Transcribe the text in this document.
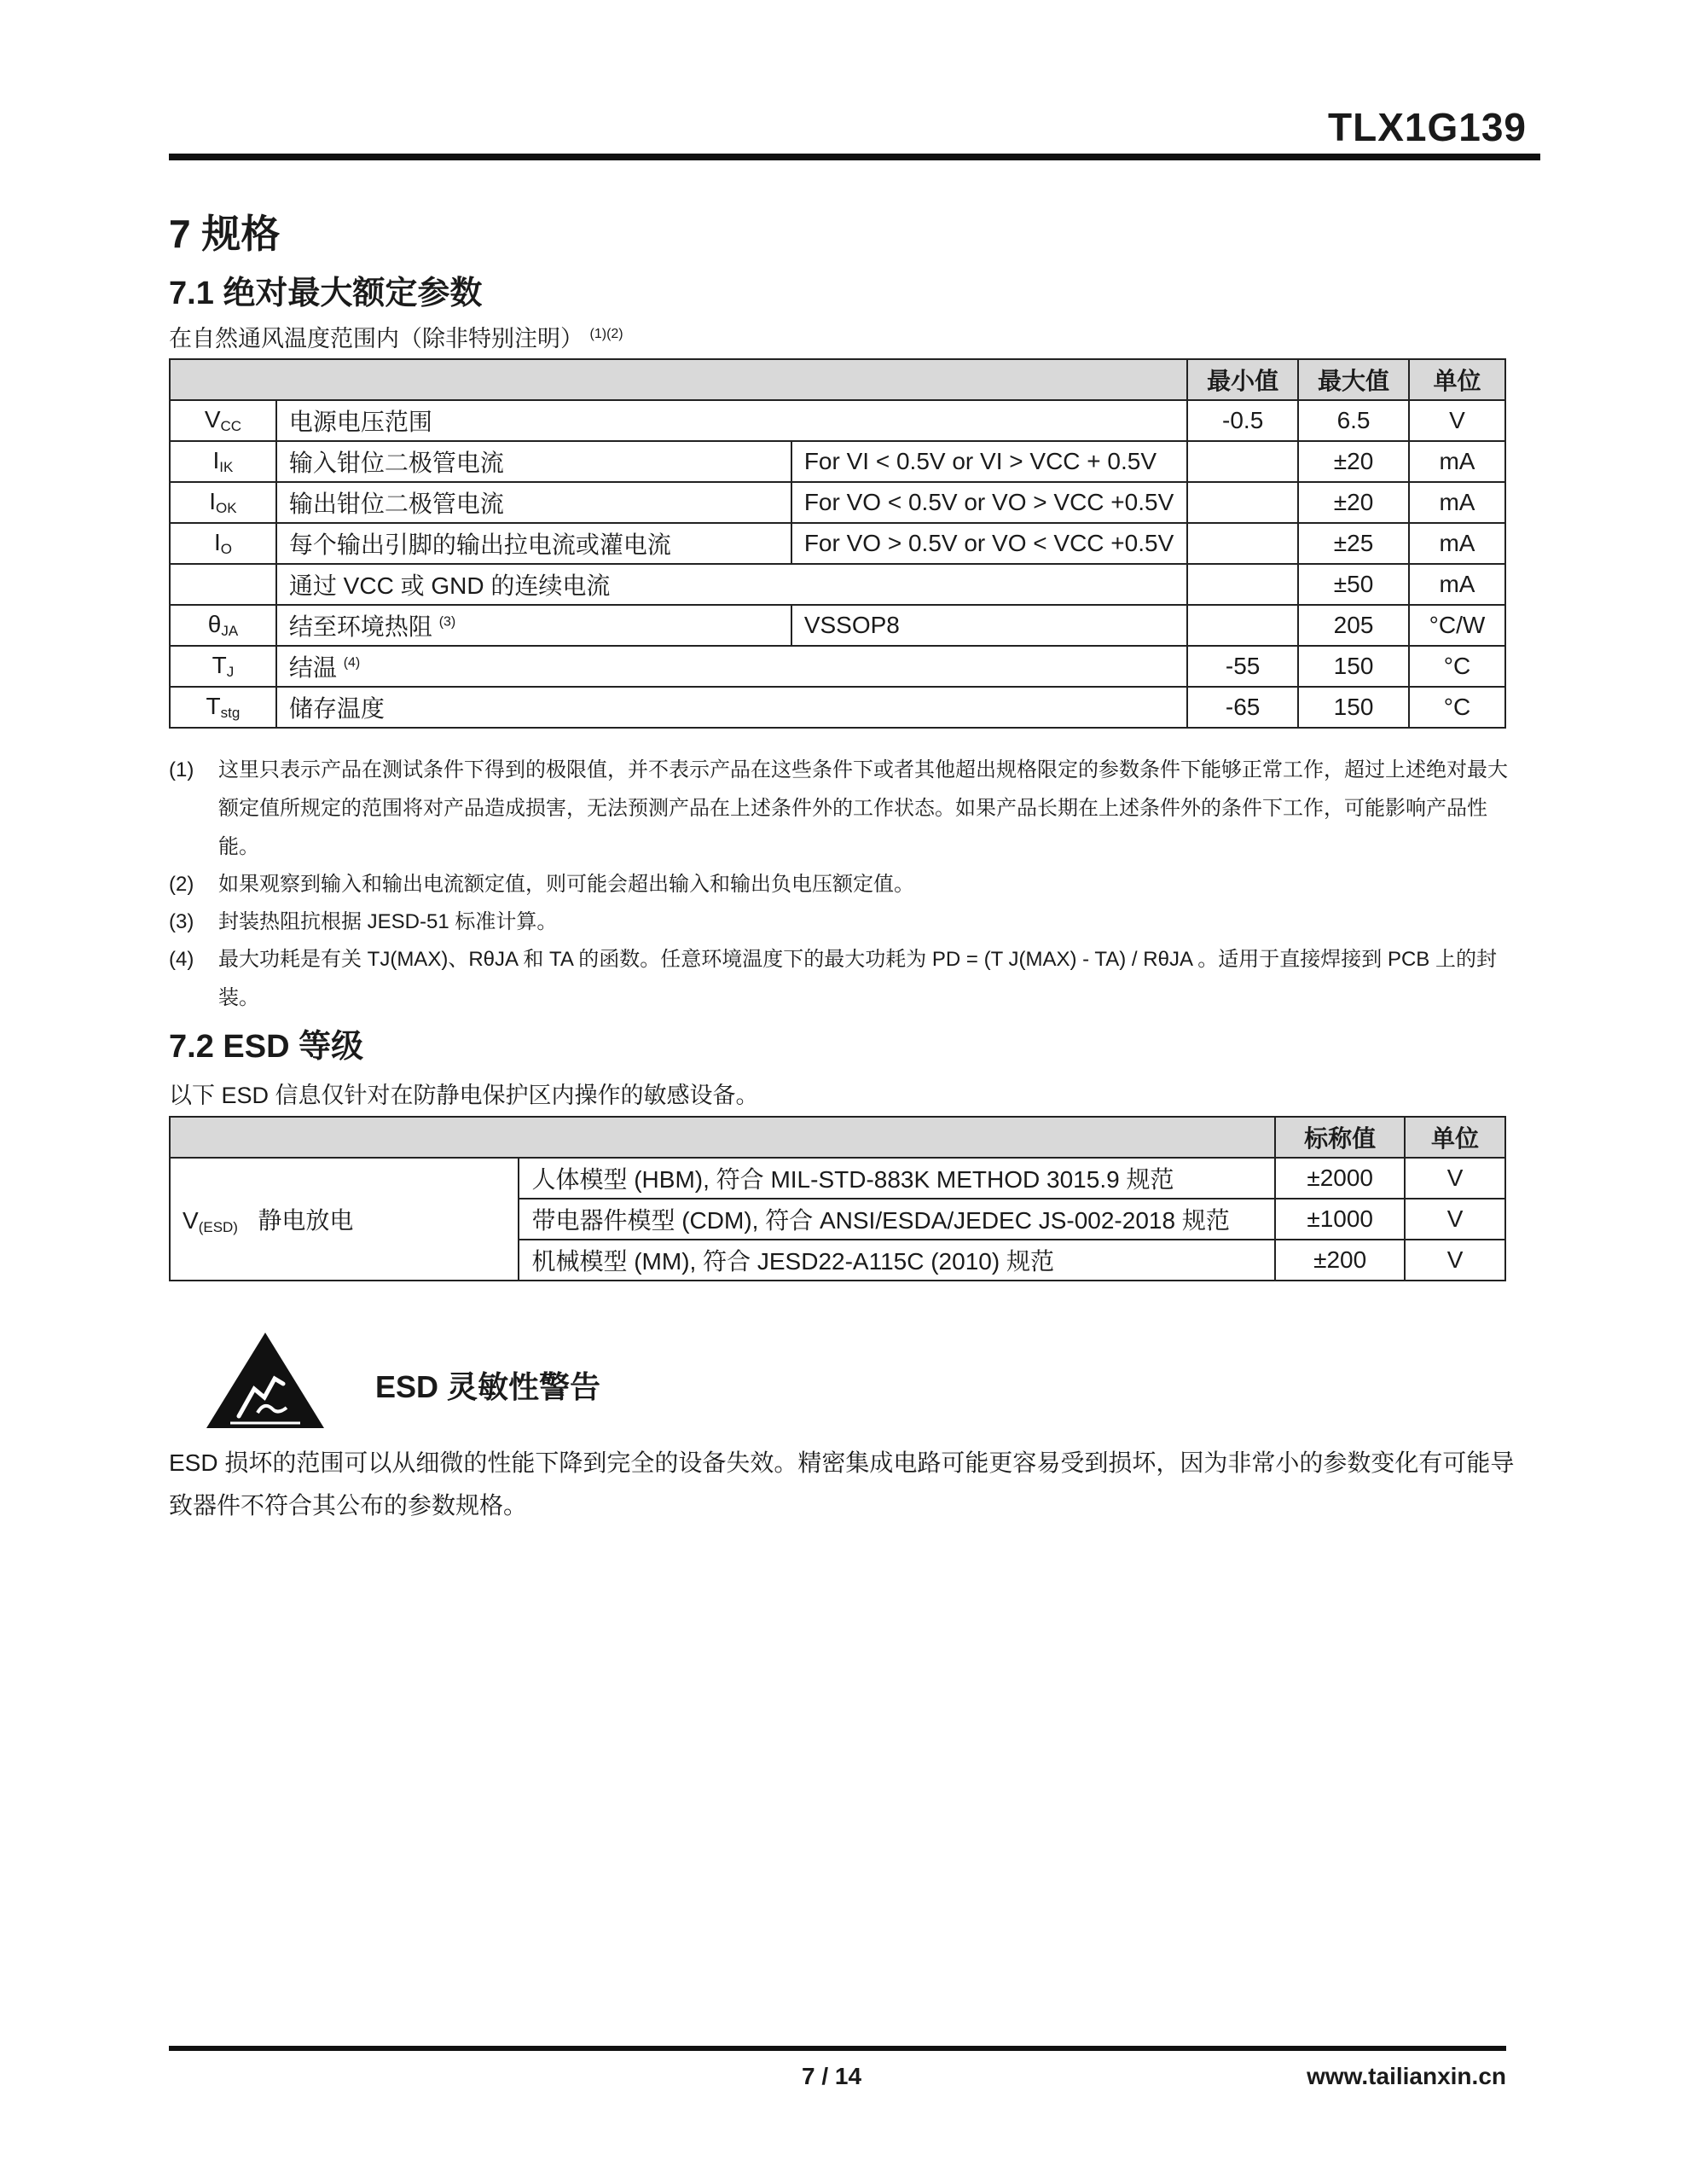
TLX1G139
7 规格
7.1 绝对最大额定参数
在自然通风温度范围内（除非特别注明） $^{(1)(2)}$
			最小值	最大值	单位
$V_{CC}$	电源电压范围		-0.5	6.5	V
$I_{IK}$	输入钳位二极管电流	For VI < 0.5V or VI > VCC + 0.5V		±20	mA
$I_{OK}$	输出钳位二极管电流	For VO < 0.5V or VO > VCC +0.5V		±20	mA
$I_O$	每个输出引脚的输出拉电流或灌电流	For VO > 0.5V or VO < VCC +0.5V		±25	mA
	通过 VCC 或 GND 的连续电流			±50	mA
$\theta_{JA}$	结至环境热阻 $^{(3)}$	VSSOP8		205	°C/W
$T_J$	结温 $^{(4)}$		-55	150	°C
$T_{stg}$	储存温度		-65	150	°C
(1) 这里只表示产品在测试条件下得到的极限值，并不表示产品在这些条件下或者其他超出规格限定的参数条件下能够正常工作，超过上述绝对最大额定值所规定的范围将对产品造成损害，无法预测产品在上述条件外的工作状态。如果产品长期在上述条件外的条件下工作，可能影响产品性能。
(2) 如果观察到输入和输出电流额定值，则可能会超出输入和输出负电压额定值。
(3) 封装热阻抗根据 JESD-51 标准计算。
(4) 最大功耗是有关 TJ(MAX)、RθJA 和 TA 的函数。任意环境温度下的最大功耗为 PD = (T J(MAX) - TA) / RθJA 。适用于直接焊接到 PCB 上的封装。
7.2 ESD 等级
以下 ESD 信息仅针对在防静电保护区内操作的敏感设备。
		标称值	单位
$V_{(ESD)}$ 静电放电	人体模型 (HBM), 符合 MIL-STD-883K METHOD 3015.9 规范	±2000	V
	带电器件模型 (CDM), 符合 ANSI/ESDA/JEDEC JS-002-2018 规范	±1000	V
	机械模型 (MM), 符合 JESD22-A115C (2010) 规范	±200	V
ESD 灵敏性警告
ESD 损坏的范围可以从细微的性能下降到完全的设备失效。精密集成电路可能更容易受到损坏，因为非常小的参数变化有可能导致器件不符合其公布的参数规格。
7 / 14	www.tailianxin.cn
